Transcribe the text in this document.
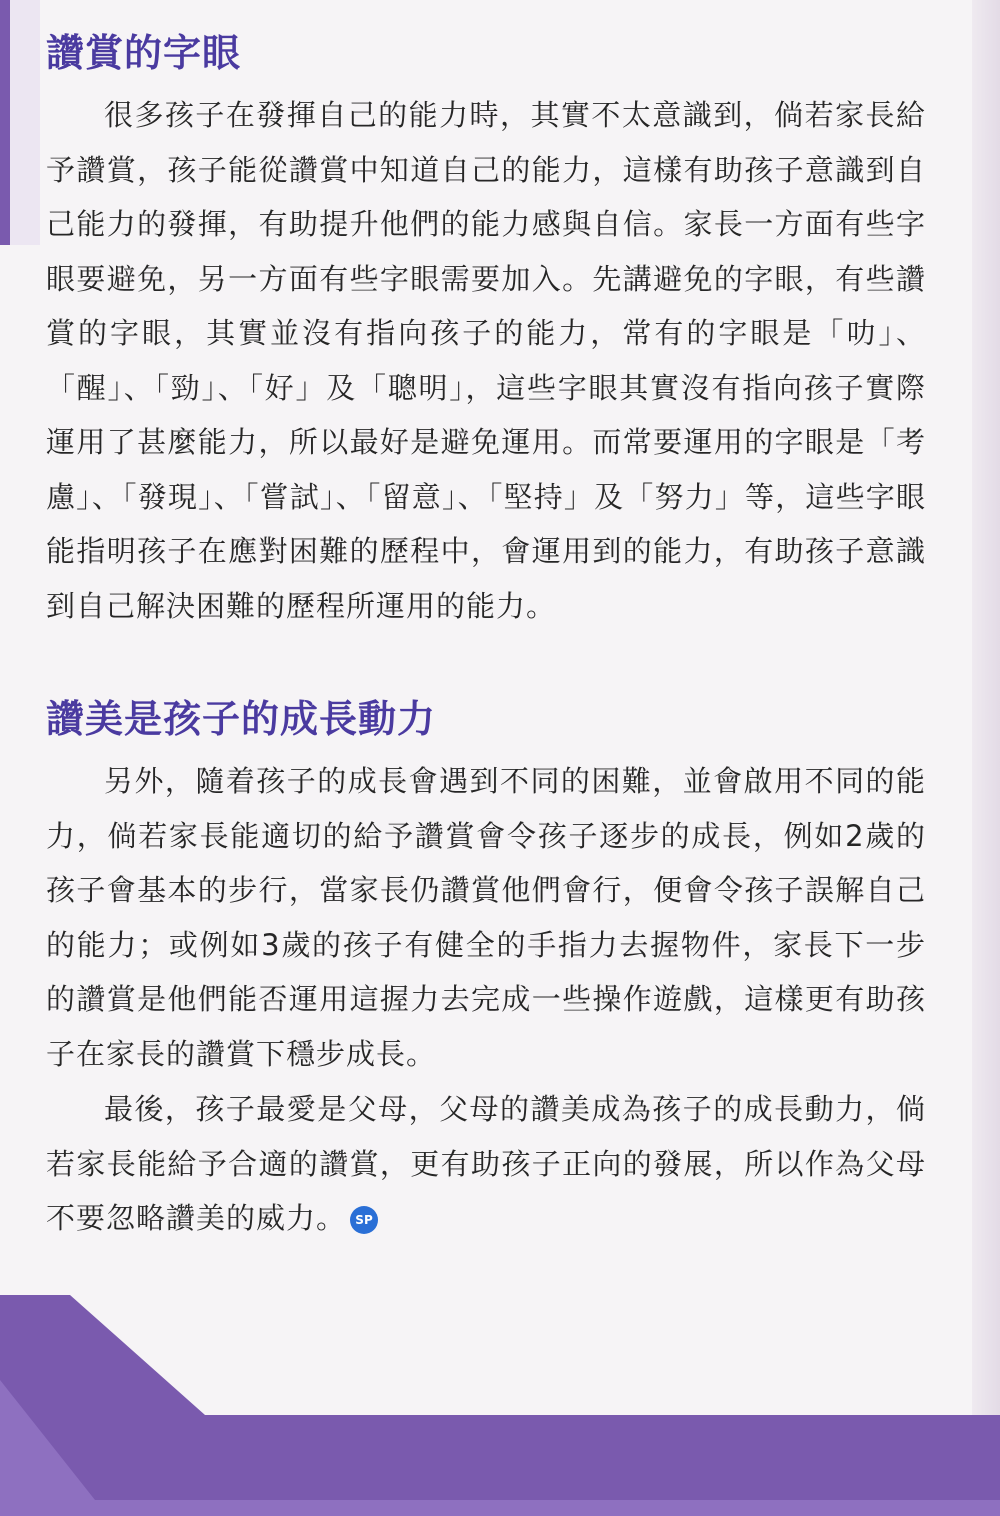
讚賞的字眼

很多孩子在發揮自己的能力時，其實不太意識到，倘若家長給予讚賞，孩子能從讚賞中知道自己的能力，這樣有助孩子意識到自己能力的發揮，有助提升他們的能力感與自信。家長一方面有些字眼要避免，另一方面有些字眼需要加入。先講避免的字眼，有些讚賞的字眼，其實並沒有指向孩子的能力，常有的字眼是「叻」、「醒」、「勁」、「好」及「聰明」，這些字眼其實沒有指向孩子實際運用了甚麼能力，所以最好是避免運用。而常要運用的字眼是「考慮」、「發現」、「嘗試」、「留意」、「堅持」及「努力」等，這些字眼能指明孩子在應對困難的歷程中，會運用到的能力，有助孩子意識到自己解決困難的歷程所運用的能力。

讚美是孩子的成長動力

另外，隨着孩子的成長會遇到不同的困難，並會啟用不同的能力，倘若家長能適切的給予讚賞會令孩子逐步的成長，例如2歲的孩子會基本的步行，當家長仍讚賞他們會行，便會令孩子誤解自己的能力；或例如3歲的孩子有健全的手指力去握物件，家長下一步的讚賞是他們能否運用這握力去完成一些操作遊戲，這樣更有助孩子在家長的讚賞下穩步成長。

最後，孩子最愛是父母，父母的讚美成為孩子的成長動力，倘若家長能給予合適的讚賞，更有助孩子正向的發展，所以作為父母不要忽略讚美的威力。 SP
